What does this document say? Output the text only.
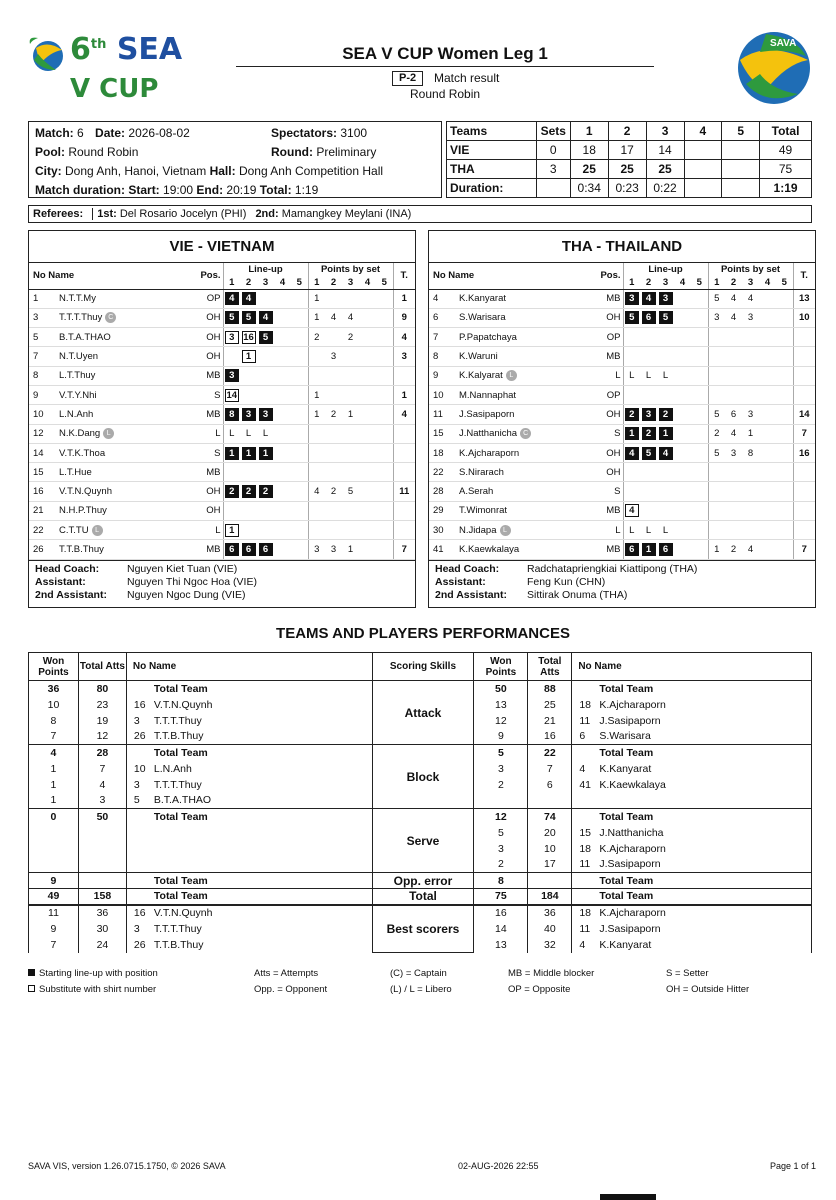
6th SEA
V CUP
SEA V CUP Women Leg 1
P-2	Match result
Round Robin
SAVA
Match: 6 Date: 2026-08-02	Spectators: 3100
Pool: Round Robin	Round: Preliminary
City: Dong Anh, Hanoi, Vietnam Hall: Dong Anh Competition Hall
Match duration: Start: 19:00 End: 20:19 Total: 1:19
Teams	Sets	1	2	3	4	5	Total
VIE	0	18	17	14			49
THA	3	25	25	25			75
Duration:		0:34	0:23	0:22			1:19
Referees: 1st: Del Rosario Jocelyn (PHI) 2nd: Mamangkey Meylani (INA)
VIE - VIETNAM
No Name		Pos.	Line-up					Points by set					T.
			1	2	3	4	5	1	2	3	4	5	
1	N.T.T.My	OP	4	4				1					1
3	T.T.T.Thuy C	OH	5	5	4			1	4	4			9
5	B.T.A.THAO	OH	3	16	5			2		2			4
7	N.T.Uyen	OH		1					3				3
8	L.T.Thuy	MB	3										
9	V.T.Y.Nhi	S	14					1					1
10	L.N.Anh	MB	8	3	3			1	2	1			4
12	N.K.Dang L	L	L	L	L								
14	V.T.K.Thoa	S	1	1	1								
15	L.T.Hue	MB											
16	V.T.N.Quynh	OH	2	2	2			4	2	5			11
21	N.H.P.Thuy	OH											
22	C.T.TU L	L	1										
26	T.T.B.Thuy	MB	6	6	6			3	3	1			7
Head Coach:	Nguyen Kiet Tuan (VIE)
Assistant:	Nguyen Thi Ngoc Hoa (VIE)
2nd Assistant: Nguyen Ngoc Dung (VIE)
THA - THAILAND
No Name		Pos.	Line-up					Points by set					T.
			1	2	3	4	5	1	2	3	4	5	
4	K.Kanyarat	MB	3	4	3			5	4	4			13
6	S.Warisara	OH	5	6	5			3	4	3			10
7	P.Papatchaya	OP											
8	K.Waruni	MB											
9	K.Kalyarat L	L	L	L	L								
10	M.Nannaphat	OP											
11	J.Sasipaporn	OH	2	3	2			5	6	3			14
15	J.Natthanicha C	S	1	2	1			2	4	1			7
18	K.Ajcharaporn	OH	4	5	4			5	3	8			16
22	S.Nirarach	OH											
28	A.Serah	S											
29	T.Wimonrat	MB	4										
30	N.Jidapa L	L	L	L	L								
41	K.Kaewkalaya	MB	6	1	6			1	2	4			7
Head Coach:	Radchatapriengkiai Kiattipong (THA)
Assistant:	Feng Kun (CHN)
2nd Assistant: Sittirak Onuma (THA)
TEAMS AND PLAYERS PERFORMANCES
Won Points	Total Atts	No Name	Scoring Skills	Won Points	Total Atts	No Name
36	80	Total Team	Attack	50	88	Total Team
10	23	16 V.T.N.Quynh		13	25	18 K.Ajcharaporn
8	19	3 T.T.T.Thuy		12	21	11 J.Sasipaporn
7	12	26 T.T.B.Thuy		9	16	6 S.Warisara
4	28	Total Team	Block	5	22	Total Team
1	7	10 L.N.Anh		3	7	4 K.Kanyarat
1	4	3 T.T.T.Thuy		2	6	41 K.Kaewkalaya
1	3	5 B.T.A.THAO				
0	50	Total Team	Serve	12	74	Total Team
				5	20	15 J.Natthanicha
				3	10	18 K.Ajcharaporn
				2	17	11 J.Sasipaporn
9		Total Team	Opp. error	8		Total Team
49	158	Total Team	Total	75	184	Total Team
11	36	16 V.T.N.Quynh	Best scorers	16	36	18 K.Ajcharaporn
9	30	3 T.T.T.Thuy		14	40	11 J.Sasipaporn
7	24	26 T.T.B.Thuy		13	32	4 K.Kanyarat
Starting line-up with position
Substitute with shirt number
Atts = Attempts
Opp. = Opponent
(C) = Captain
(L) / L = Libero
MB = Middle blocker
OP = Opposite
S = Setter
OH = Outside Hitter
SAVA VIS, version 1.26.0715.1750, © 2026 SAVA	02-AUG-2026 22:55	Page 1 of 1
